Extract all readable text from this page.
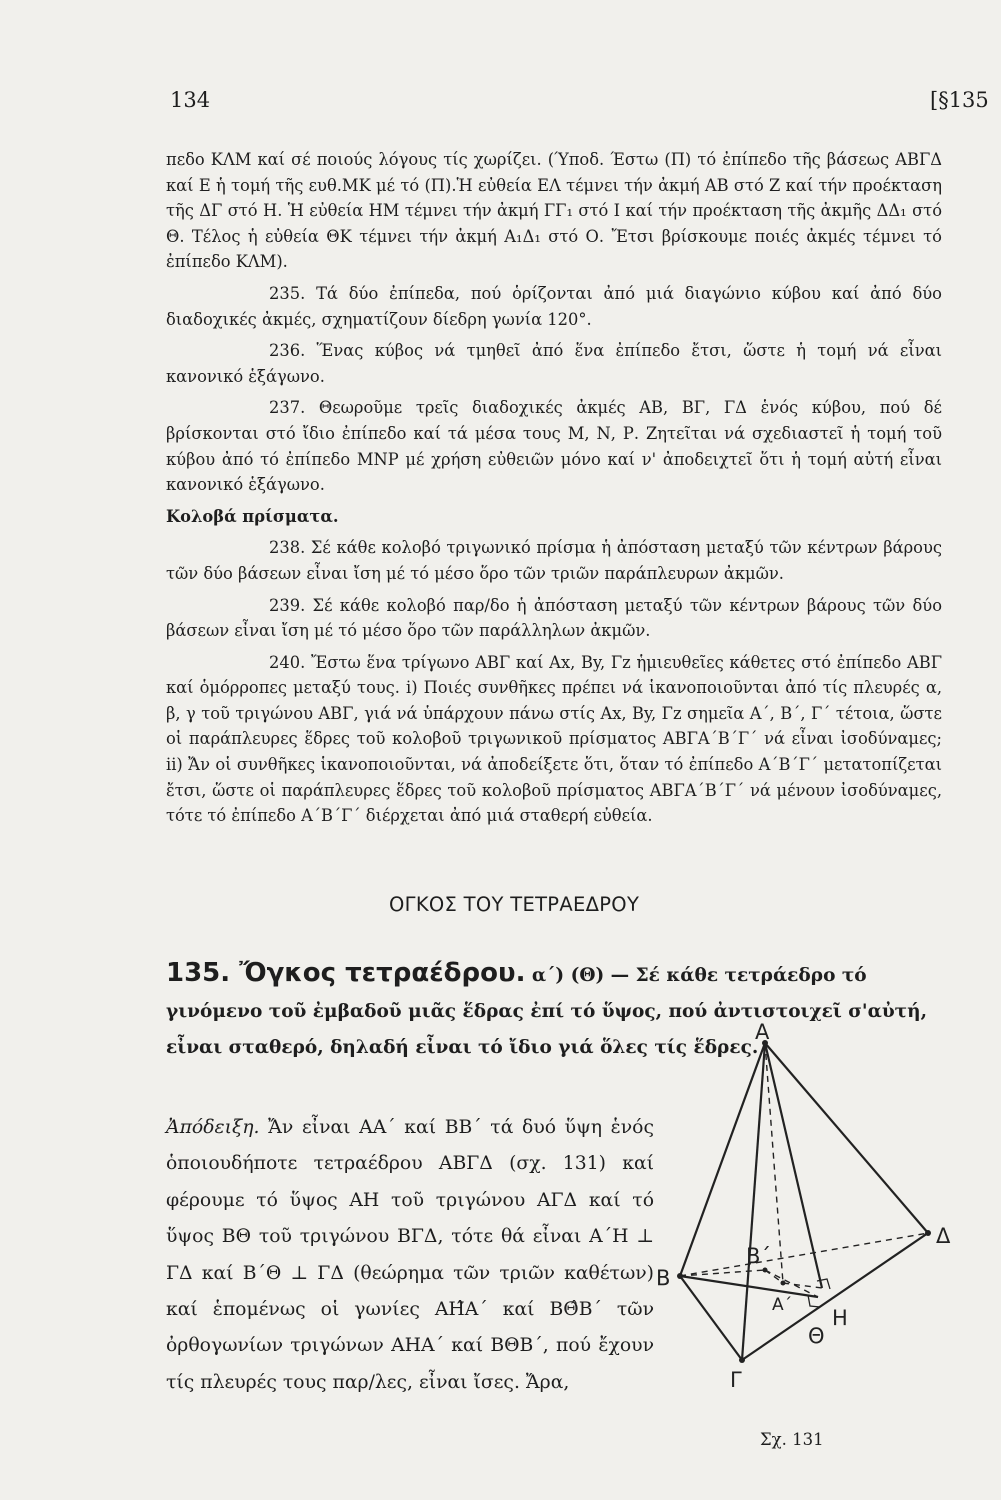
134	[§135

πεδο ΚΛΜ καί σέ ποιούς λόγους τίς χωρίζει. (Ύποδ. Έστω (Π) τό ἐπίπεδο τῆς βάσεως ΑΒΓΔ καί Ε ἡ τομή τῆς ευθ.ΜΚ μέ τό (Π).Ἡ εὐθεία ΕΛ τέμνει τήν ἀκμή ΑΒ στό Ζ καί τήν προέκταση τῆς ΔΓ στό Η. Ἡ εὐθεία ΗΜ τέμνει τήν ἀκμή ΓΓ₁ στό Ι καί τήν προέκταση τῆς ἀκμῆς ΔΔ₁ στό Θ. Τέλος ἡ εὐθεία ΘΚ τέμνει τήν ἀκμή Α₁Δ₁ στό Ο. Ἔτσι βρίσκουμε ποιές ἀκμές τέμνει τό ἐπίπεδο ΚΛΜ).

235. Τά δύο ἐπίπεδα, πού ὁρίζονται ἀπό μιά διαγώνιο κύβου καί ἀπό δύο διαδοχικές ἀκμές, σχηματίζουν δίεδρη γωνία 120°.

236. Ἕνας κύβος νά τμηθεῖ ἀπό ἕνα ἐπίπεδο ἔτσι, ὥστε ἡ τομή νά εἶναι κανονικό ἑξάγωνο.

237. Θεωροῦμε τρεῖς διαδοχικές ἀκμές ΑΒ, ΒΓ, ΓΔ ἑνός κύβου, πού δέ βρίσκονται στό ἴδιο ἐπίπεδο καί τά μέσα τους Μ, Ν, Ρ. Ζητεῖται νά σχεδιαστεῖ ἡ τομή τοῦ κύβου ἀπό τό ἐπίπεδο ΜΝΡ μέ χρήση εὐθειῶν μόνο καί ν' ἀποδειχτεῖ ὅτι ἡ τομή αὐτή εἶναι κανονικό ἑξάγωνο.

Κολοβά πρίσματα.

238. Σέ κάθε κολοβό τριγωνικό πρίσμα ἡ ἀπόσταση μεταξύ τῶν κέντρων βάρους τῶν δύο βάσεων εἶναι ἴση μέ τό μέσο ὅρο τῶν τριῶν παράπλευρων ἀκμῶν.

239. Σέ κάθε κολοβό παρ/δο ἡ ἀπόσταση μεταξύ τῶν κέντρων βάρους τῶν δύο βάσεων εἶναι ἴση μέ τό μέσο ὅρο τῶν παράλληλων ἀκμῶν.

240. Ἔστω ἕνα τρίγωνο ΑΒΓ καί Αx, Βy, Γz ἡμιευθεῖες κάθετες στό ἐπίπεδο ΑΒΓ καί ὁμόρροπες μεταξύ τους. i) Ποιές συνθῆκες πρέπει νά ἱκανοποιοῦνται ἀπό τίς πλευρές α, β, γ τοῦ τριγώνου ΑΒΓ, γιά νά ὑπάρχουν πάνω στίς Αx, Βy, Γz σημεῖα Α΄, Β΄, Γ΄ τέτοια, ὥστε οἱ παράπλευρες ἕδρες τοῦ κολοβοῦ τριγωνικοῦ πρίσματος ΑΒΓΑ΄Β΄Γ΄ νά εἶναι ἰσοδύναμες; ii) Ἄν οἱ συνθῆκες ἱκανοποιοῦνται, νά ἀποδείξετε ὅτι, ὅταν τό ἐπίπεδο Α΄Β΄Γ΄ μετατοπίζεται ἔτσι, ὥστε οἱ παράπλευρες ἕδρες τοῦ κολοβοῦ πρίσματος ΑΒΓΑ΄Β΄Γ΄ νά μένουν ἰσοδύναμες, τότε τό ἐπίπεδο Α΄Β΄Γ΄ διέρχεται ἀπό μιά σταθερή εὐθεία.

ΟΓΚΟΣ ΤΟΥ ΤΕΤΡΑΕΔΡΟΥ
135. Ὄγκος τετραέδρου. α΄) (Θ) — Σέ κάθε τετράεδρο τό γινόμενο τοῦ ἐμβαδοῦ μιᾶς ἕδρας ἐπί τό ὕψος, πού ἀντιστοιχεῖ σ'αὐτή, εἶναι σταθερό, δηλαδή εἶναι τό ἴδιο γιά ὅλες τίς ἕδρες.

Ἀπόδειξη. Ἄν εἶναι ΑΑ΄ καί ΒΒ΄ τά δυό ὕψη ἑνός ὁποιουδήποτε τετραέδρου ΑΒΓΔ (σχ. 131) καί φέρουμε τό ὕψος ΑΗ τοῦ τριγώνου ΑΓΔ καί τό ὕψος ΒΘ τοῦ τριγώνου ΒΓΔ, τότε θά εἶναι Α΄Η ⊥ ΓΔ καί Β΄Θ ⊥ ΓΔ (θεώρημα τῶν τριῶν καθέτων) καί ἑπομένως οἱ γωνίες ΑΗ̂Α΄ καί ΒΘ̂Β΄ τῶν ὀρθογωνίων τριγώνων ΑΗΑ΄ καί ΒΘΒ΄, πού ἔχουν τίς πλευρές τους παρ/λες, εἶναι ἴσες. Ἄρα,

Α
Β
Γ
Δ
Η
Θ
Β΄
Α΄
Σχ. 131
